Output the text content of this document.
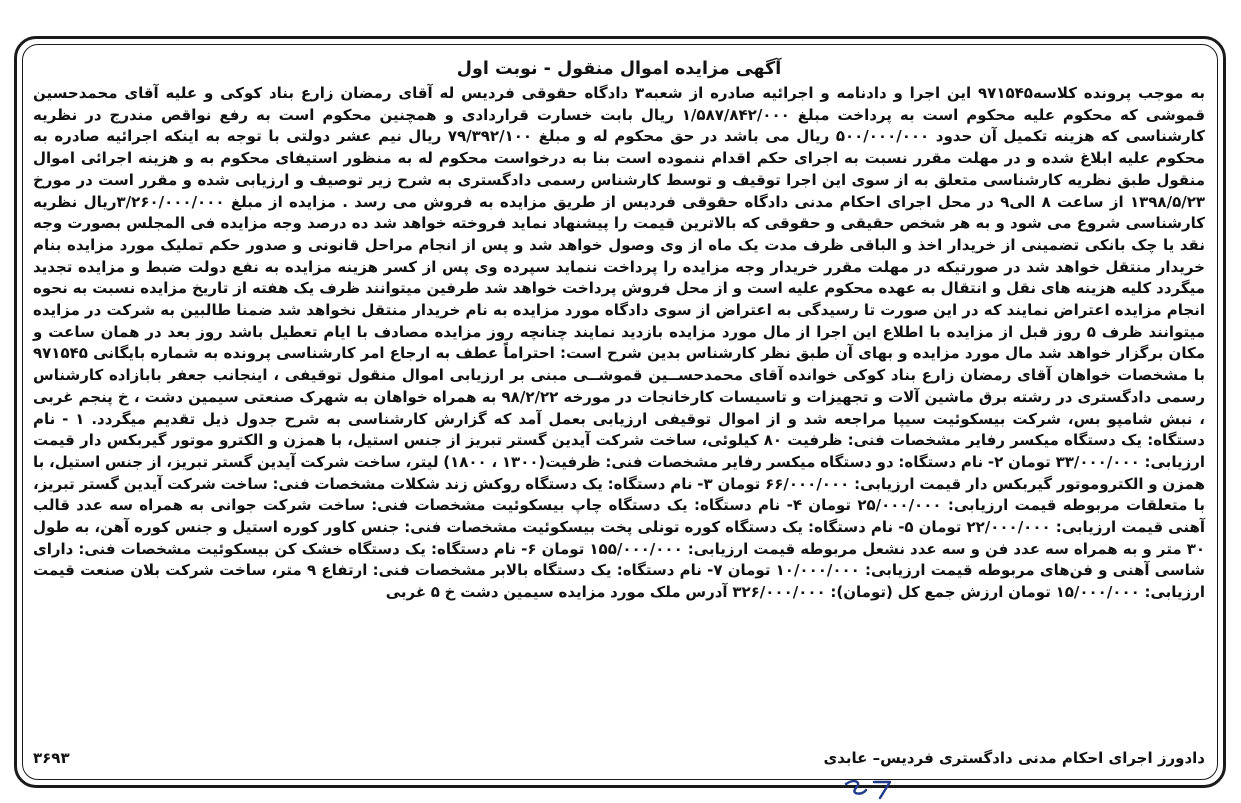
آگهی مزایده اموال منقول - نوبت اول

به موجب پرونده کلاسه۹۷۱۵۴۵ این اجرا و دادنامه و اجرائیه صادره از شعبه۳ دادگاه حقوقی فردیس له آقای رمضان زارع بناد کوکی و علیه آقای محمدحسین قموشی که محکوم علیه محکوم است به پرداخت مبلغ ۱/۵۸۷/۸۴۲/۰۰۰ ریال بابت خسارت قراردادی و همچنین محکوم است به رفع نواقص مندرج در نظریه کارشناسی که هزینه تکمیل آن حدود ۵۰۰/۰۰۰/۰۰۰ ریال می باشد در حق محکوم له و مبلغ ۷۹/۳۹۲/۱۰۰ ریال نیم عشر دولتی با توجه به اینکه اجرائیه صادره به محکوم علیه ابلاغ شده و در مهلت مقرر نسبت به اجرای حکم اقدام ننموده است بنا به درخواست محکوم له به منظور استیفای محکوم به و هزینه اجرائی اموال منقول طبق نظریه کارشناسی متعلق به از سوی این اجرا توقیف و توسط کارشناس رسمی دادگستری به شرح زیر توصیف و ارزیابی شده و مقرر است در مورخ ۱۳۹۸/۵/۲۳ از ساعت ۸ الی۹ در محل اجرای احکام مدنی دادگاه حقوقی فردیس از طریق مزایده به فروش می رسد . مزایده از مبلغ ۳/۲۶۰/۰۰۰/۰۰۰ریال نظریه کارشناسی شروع می شود و به هر شخص حقیقی و حقوقی که بالاترین قیمت را پیشنهاد نماید فروخته خواهد شد ده درصد وجه مزایده فی المجلس بصورت وجه نقد یا چک بانکی تضمینی از خریدار اخذ و الباقی ظرف مدت یک ماه از وی وصول خواهد شد و پس از انجام مراحل قانونی و صدور حکم تملیک مورد مزایده بنام خریدار منتقل خواهد شد در صورتیکه در مهلت مقرر خریدار وجه مزایده را پرداخت ننماید سپرده وی پس از کسر هزینه مزایده به نفع دولت ضبط و مزایده تجدید میگردد کلیه هزینه های نقل و انتقال به عهده محکوم علیه است و از محل فروش پرداخت خواهد شد طرفین میتوانند ظرف یک هفته از تاریخ مزایده نسبت به نحوه انجام مزایده اعتراض نمایند که در این صورت تا رسیدگی به اعتراض از سوی دادگاه مورد مزایده به نام خریدار منتقل نخواهد شد ضمنا طالبین به شرکت در مزایده میتوانند ظرف ۵ روز قبل از مزایده با اطلاع این اجرا از مال مورد مزایده بازدید نمایند چنانچه روز مزایده مصادف با ایام تعطیل باشد روز بعد در همان ساعت و مکان برگزار خواهد شد مال مورد مزایده و بهای آن طبق نظر کارشناس بدین شرح است: احتراماً عطف به ارجاع امر کارشناسی پرونده به شماره بایگانی ۹۷۱۵۴۵ با مشخصات خواهان آقای رمضان زارع بناد کوکی خوانده آقای محمدحســین قموشــی مبنی بر ارزیابی اموال منقول توقیفی ، اینجانب جعفر بابازاده کارشناس رسمی دادگستری در رشته برق ماشین آلات و تجهیزات و تاسیسات کارخانجات در مورخه ۹۸/۲/۲۲ به همراه خواهان به شهرک صنعتی سیمین دشت ، خ پنجم غربی ، نبش شامپو بس، شرکت بیسکوئیت سیپا مراجعه شد و از اموال توقیفی ارزیابی بعمل آمد که گزارش کارشناسی به شرح جدول ذیل تقدیم میگردد. ۱ - نام دستگاه: یک دستگاه میکسر رفایر مشخصات فنی: ظرفیت ۸۰ کیلوئی، ساخت شرکت آیدین گستر تبریز از جنس استیل، با همزن و الکترو موتور گیربکس دار قیمت ارزیابی: ۳۳/۰۰۰/۰۰۰ تومان ۲- نام دستگاه: دو دستگاه میکسر رفایر مشخصات فنی: ظرفیت(۱۳۰۰ ، ۱۸۰۰) لیتر، ساخت شرکت آیدین گستر تبریز، از جنس استیل، با همزن و الکتروموتور گیربکس دار قیمت ارزیابی: ۶۶/۰۰۰/۰۰۰ تومان ۳- نام دستگاه: یک دستگاه روکش زند شکلات مشخصات فنی: ساخت شرکت آیدین گستر تبریز، با متعلقات مربوطه قیمت ارزیابی: ۲۵/۰۰۰/۰۰۰ تومان ۴- نام دستگاه: یک دستگاه چاپ بیسکوئیت مشخصات فنی: ساخت شرکت جوانی به همراه سه عدد قالب آهنی قیمت ارزیابی: ۲۲/۰۰۰/۰۰۰ تومان ۵- نام دستگاه: یک دستگاه کوره تونلی پخت بیسکوئیت مشخصات فنی: جنس کاور کوره استیل و جنس کوره آهن، به طول ۳۰ متر و به همراه سه عدد فن و سه عدد نشعل مربوطه قیمت ارزیابی: ۱۵۵/۰۰۰/۰۰۰ تومان ۶- نام دستگاه: یک دستگاه خشک کن بیسکوئیت مشخصات فنی: دارای شاسی آهنی و فن‌های مربوطه قیمت ارزیابی: ۱۰/۰۰۰/۰۰۰ تومان ۷- نام دستگاه: یک دستگاه بالابر مشخصات فنی: ارتفاع ۹ متر، ساخت شرکت بلان صنعت قیمت ارزیابی: ۱۵/۰۰۰/۰۰۰ تومان ارزش جمع کل (تومان): ۳۲۶/۰۰۰/۰۰۰ آدرس ملک مورد مزایده سیمین دشت خ ۵ غربی

دادورز اجرای احکام مدنی دادگستری فردیس– عابدی
۳۶۹۳
